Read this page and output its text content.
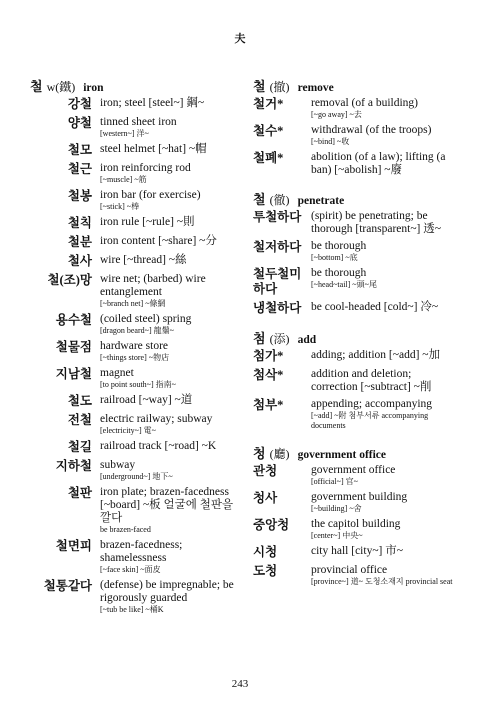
夫
철 w(鐵) iron
강철 iron; steel [steel~] 鋼~
양철 tinned sheet iron
[western~] 洋~
철모 steel helmet [~hat] ~帽
철근 iron reinforcing rod
[~muscle] ~筋
철봉 iron bar (for exercise)
[~stick] ~棒
철칙 iron rule [~rule] ~則
철분 iron content [~share] ~分
철사 wire [~thread] ~絲
철(조)망 wire net; (barbed) wire entanglement
[~branch net] ~條網
용수철 (coiled steel) spring
[dragon beard~] 龍鬚~
철물점 hardware store
[~things store] ~物店
지남철 magnet
[to point south~] 指南~
철도 railroad [~way] ~道
전철 electric railway; subway
[electricity~] 電~
철길 railroad track [~road] ~K
지하철 subway
[underground~] 地下~
철판 iron plate; brazen-facedness [~board] ~板 얼굴에 철판을 깔다
be brazen-faced
철면피 brazen-facedness; shamelessness
[~face skin] ~面皮
철통같다 (defense) be impregnable; be rigorously guarded
[~tub be like] ~桶K
철 (撤) remove
철거*	removal (of a building)
[~go away] ~去
철수*	withdrawal (of the troops)
[~bind] ~收
철폐*	abolition (of a law); lifting (a ban) [~abolish] ~廢
철 (徹) penetrate
투철하다 (spirit) be penetrating; be thorough [transparent~] 透~
철저하다 be thorough
[~bottom] ~底
철두철미하다
be thorough
[~head~tail] ~頭~尾
냉철하다 be cool-headed [cold~] 冷~
첨 (添) add
첨가*	adding; addition [~add] ~加
첨삭*	addition and deletion; correction [~subtract] ~削
첨부*	appending; accompanying
[~add] ~附 첨부서류 accompanying documents
청 (廳) government office
관청	government office
[official~] 官~
청사	government building
[~building] ~舍
중앙청	the capitol building
[center~] 中央~
시청	city hall [city~] 市~
도청	provincial office
[province~] 道~ 도청소재지 provincial seat
243
